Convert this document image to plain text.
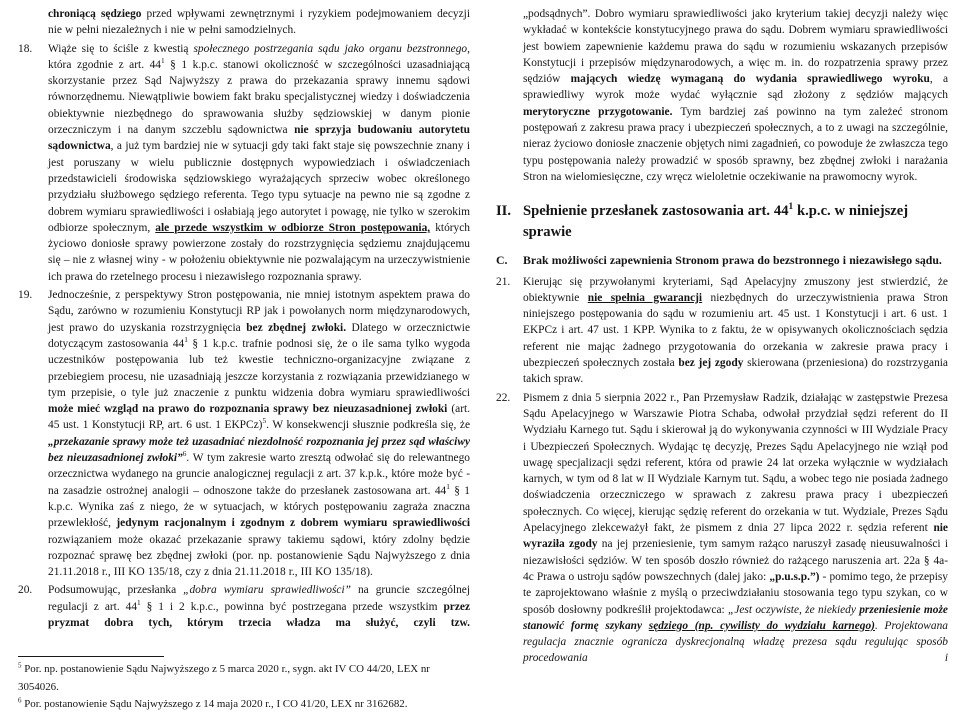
chroniącą sędziego przed wpływami zewnętrznymi i ryzykiem podejmowaniem decyzji nie w pełni niezależnych i nie w pełni samodzielnych.
18.	Wiąże się to ściśle z kwestią społecznego postrzegania sądu jako organu bezstronnego, która zgodnie z art. $44^1$ § 1 k.p.c. stanowi okoliczność w szczególności uzasadniającą skorzystanie przez Sąd Najwyższy z prawa do przekazania sprawy innemu sądowi równorzędnemu. Niewątpliwie bowiem fakt braku specjalistycznej wiedzy i doświadczenia obiektywnie niezbędnego do sprawowania służby sędziowskiej w danym pionie orzeczniczym i na danym szczeblu sądownictwa nie sprzyja budowaniu autorytetu sądownictwa, a już tym bardziej nie w sytuacji gdy taki fakt staje się powszechnie znany i jest poruszany w wielu publicznie dostępnych wypowiedziach i oświadczeniach przedstawicieli środowiska sędziowskiego wyrażających sprzeciw wobec określonego przydziału służbowego sędziego referenta. Tego typu sytuacje na pewno nie są zgodne z dobrem wymiaru sprawiedliwości i osłabiają jego autorytet i powagę, nie tylko w szerokim odbiorze społecznym, ale przede wszystkim w odbiorze Stron postępowania, których życiowo doniosłe sprawy powierzone zostały do rozstrzygnięcia sędziemu znajdującemu się – nie z własnej winy - w położeniu obiektywnie nie pozwalającym na urzeczywistnienie ich prawa do rzetelnego procesu i niezawisłego rozpoznania sprawy.
19.	Jednocześnie, z perspektywy Stron postępowania, nie mniej istotnym aspektem prawa do Sądu, zarówno w rozumieniu Konstytucji RP jak i powołanych norm międzynarodowych, jest prawo do uzyskania rozstrzygnięcia bez zbędnej zwłoki. Dlatego w orzecznictwie dotyczącym zastosowania $44^1$ § 1 k.p.c. trafnie podnosi się, że o ile sama tylko wygoda uczestników postępowania lub też kwestie techniczno-organizacyjne związane z przebiegiem procesu, nie uzasadniają jeszcze korzystania z rozwiązania przewidzianego w tym przepisie, o tyle już znaczenie z punktu widzenia dobra wymiaru sprawiedliwości może mieć wzgląd na prawo do rozpoznania sprawy bez nieuzasadnionej zwłoki (art. 45 ust. 1 Konstytucji RP, art. 6 ust. 1 EKPCz)$^5$. W konsekwencji słusznie podkreśla się, że „przekazanie sprawy może też uzasadniać niezdolność rozpoznania jej przez sąd właściwy bez nieuzasadnionej zwłoki”$^6$. W tym zakresie warto zresztą odwołać się do relewantnego orzecznictwa wydanego na gruncie analogicznej regulacji z art. 37 k.p.k., które może być - na zasadzie ostrożnej analogii – odnoszone także do przesłanek zastosowana art. $44^1$ § 1 k.p.c. Wynika zaś z niego, że w sytuacjach, w których postępowaniu zagraża znaczna przewlekłość, jedynym racjonalnym i zgodnym z dobrem wymiaru sprawiedliwości rozwiązaniem może okazać przekazanie sprawy takiemu sądowi, który zdolny będzie rozpoznać sprawę bez zbędnej zwłoki (por. np. postanowienie Sądu Najwyższego z dnia 21.11.2018 r., III KO 135/18, czy z dnia 21.11.2018 r., III KO 135/18).
20.	Podsumowując, przesłanka „dobra wymiaru sprawiedliwości” na gruncie szczególnej regulacji z art. $44^1$ § 1 i 2 k.p.c., powinna być postrzegana przede wszystkim przez pryzmat dobra tych, którym trzecia władza ma służyć, czyli tzw.
$^5$ Por. np. postanowienie Sądu Najwyższego z 5 marca 2020 r., sygn. akt IV CO 44/20, LEX nr 3054026.
$^6$ Por. postanowienie Sądu Najwyższego z 14 maja 2020 r., I CO 41/20, LEX nr 3162682.
„podsądnych”. Dobro wymiaru sprawiedliwości jako kryterium takiej decyzji należy więc wykładać w kontekście konstytucyjnego prawa do sądu. Dobrem wymiaru sprawiedliwości jest bowiem zapewnienie każdemu prawa do sądu w rozumieniu wskazanych przepisów Konstytucji i przepisów międzynarodowych, a więc m. in. do rozpatrzenia sprawy przez sędziów mających wiedzę wymaganą do wydania sprawiedliwego wyroku, a sprawiedliwy wyrok może wydać wyłącznie sąd złożony z sędziów mających merytoryczne przygotowanie. Tym bardziej zaś powinno na tym zależeć stronom postępowań z zakresu prawa pracy i ubezpieczeń społecznych, a to z uwagi na szczególnie, nieraz życiowo doniosłe znaczenie objętych nimi zagadnień, co powoduje że zwłaszcza tego typu postępowania należy prowadzić w sposób sprawny, bez zbędnej zwłoki i narażania Stron na wielomiesięczne, czy wręcz wieloletnie oczekiwanie na prawomocny wyrok.
II. Spełnienie przesłanek zastosowania art. $44^1$ k.p.c. w niniejszej sprawie
C.	Brak możliwości zapewnienia Stronom prawa do bezstronnego i niezawisłego sądu.
21.	Kierując się przywołanymi kryteriami, Sąd Apelacyjny zmuszony jest stwierdzić, że obiektywnie nie spełnia gwarancji niezbędnych do urzeczywistnienia prawa Stron niniejszego postępowania do sądu w rozumieniu art. 45 ust. 1 Konstytucji i art. 6 ust. 1 EKPCz i art. 47 ust. 1 KPP. Wynika to z faktu, że w opisywanych okolicznościach sędzia referent nie mając żadnego przygotowania do orzekania w zakresie prawa pracy i ubezpieczeń społecznych została bez jej zgody skierowana (przeniesiona) do rozstrzygania takich spraw.
22.	Pismem z dnia 5 sierpnia 2022 r., Pan Przemysław Radzik, działając w zastępstwie Prezesa Sądu Apelacyjnego w Warszawie Piotra Schaba, odwołał przydział sędzi referent do II Wydziału Karnego tut. Sądu i skierował ją do wykonywania czynności w III Wydziale Pracy i Ubezpieczeń Społecznych. Wydając tę decyzję, Prezes Sądu Apelacyjnego nie wziął pod uwagę specjalizacji sędzi referent, która od prawie 24 lat orzeka wyłącznie w wydziałach karnych, w tym od 8 lat w II Wydziale Karnym tut. Sądu, a wobec tego nie posiada żadnego doświadczenia orzeczniczego w sprawach z zakresu prawa pracy i ubezpieczeń społecznych. Co więcej, kierując sędzię referent do orzekania w tut. Wydziale, Prezes Sądu Apelacyjnego zlekceważył fakt, że pismem z dnia 27 lipca 2022 r. sędzia referent nie wyraziła zgody na jej przeniesienie, tym samym rażąco naruszył zasadę nieusuwalności i niezawisłości sędziów. W ten sposób doszło również do rażącego naruszenia art. 22a § 4a-4c Prawa o ustroju sądów powszechnych (dalej jako: „p.u.s.p.”) - pomimo tego, że przepisy te zaprojektowano właśnie z myślą o przeciwdziałaniu stosowania tego typu szykan, co w sposób dosłowny podkreślił projektodawca: „Jest oczywiste, że niekiedy przeniesienie może stanowić formę szykany sędziego (np. cywilisty do wydziału karnego). Projektowana regulacja znacznie ogranicza dyskrecjonalną władzę prezesa sądu regulując sposób procedowania i
